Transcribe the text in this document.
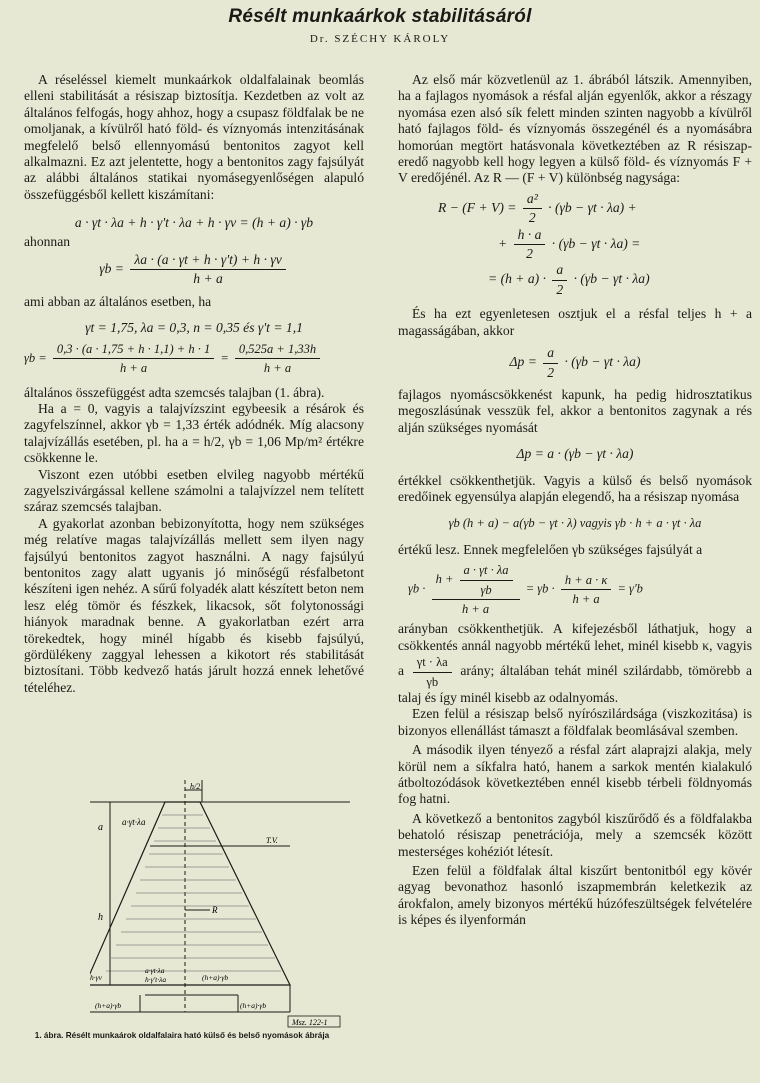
Résélt munkaárkok stabilitásáról
Dr. SZÉCHY KÁROLY

A réseléssel kiemelt munkaárkok oldalfalainak beomlás elleni stabilitását a résiszap biztosítja. Kezdetben az volt az általános felfogás, hogy ahhoz, hogy a csupasz földfalak be ne omoljanak, a kívülről ható föld- és víznyomás intenzitásának megfelelő belső ellennyomású bentonitos zagyot kell alkalmazni. Ez azt jelentette, hogy a bentonitos zagy fajsúlyát az alábbi általános statikai nyomásegyenlőségen alapuló összefüggésből kellett kiszámítani:

a · γt · λa + h · γ't · λa + h · γv = (h + a) · γb

ahonnan

$\gamma b = \frac{\lambda a \cdot (a \cdot \gamma t + h \cdot \gamma't) + h \cdot \gamma v}{h + a}$

ami abban az általános esetben, ha

γt = 1,75, λa = 0,3, n = 0,35 és γ't = 1,1
$\gamma b = \frac{0,3 \cdot (a \cdot 1,75 + h \cdot 1,1) + h \cdot 1}{h + a} = \frac{0,525a + 1,33h}{h + a}$

általános összefüggést adta szemcsés talajban (1. ábra).

Ha a = 0, vagyis a talajvízszint egybeesik a résárok és zagyfelszínnel, akkor γb = 1,33 érték adódnék. Míg alacsony talajvízállás esetében, pl. ha a = h/2, γb = 1,06 Mp/m² értékre csökkenne le.

Viszont ezen utóbbi esetben elvileg nagyobb mértékű zagyelszivárgással kellene számolni a talajvízzel nem telített száraz szemcsés talajban.

A gyakorlat azonban bebizonyította, hogy nem szükséges még relatíve magas talajvízállás mellett sem ilyen nagy fajsúlyú bentonitos zagyot használni. A nagy fajsúlyú bentonitos zagy alatt ugyanis jó minőségű résfalbetont készíteni igen nehéz. A sűrű folyadék alatt készített beton nem lesz elég tömör és fészkek, likacsok, sőt folytonossági hiányok maradnak benne. A gyakorlatban ezért arra törekedtek, hogy minél hígabb és kisebb fajsúlyú, gördülékeny zaggyal lehessen a kikotort rés stabilitását biztosítani. Több kedvező hatás járult hozzá ennek lehetővé tételéhez.

h/2
a
h
a·γt·λa
T.V.
R
h·γv
a·γt·λa
h·γ't·λa	(h+a)·γb
(h+a)·γb	(h+a)·γb
Msz. 122-1
1. ábra. Résélt munkaárok oldalfalaira ható külső és belső nyomások ábrája

Az első már közvetlenül az 1. ábrából látszik. Amennyiben, ha a fajlagos nyomások a résfal alján egyenlők, akkor a részagy nyomása ezen alsó sík felett minden szinten nagyobb a kívülről ható fajlagos föld- és víznyomás összegénél és a nyomásábra homorúan megtört hatásvonala következtében az R résiszap-eredő nagyobb kell hogy legyen a külső föld- és víznyomás F + V eredőjénél. Az R — (F + V) különbség nagysága:

$R - (F + V) = \frac{\text{a²}}{2} \cdot (\gamma b - \gamma t \cdot \lambda a)$ +
+ $\frac{h \cdot a}{2} \cdot (\gamma b - \gamma t \cdot \lambda a)$ =
= $(h + a) \cdot \frac{a}{2} \cdot (\gamma b - \gamma t \cdot \lambda a)$

És ha ezt egyenletesen osztjuk el a résfal teljes h + a magasságában, akkor

$\Delta p = \frac{a}{2} \cdot (\gamma b - \gamma t \cdot \lambda a)$

fajlagos nyomáscsökkenést kapunk, ha pedig hidrosztatikus megoszlásúnak vesszük fel, akkor a bentonitos zagynak a rés alján szükséges nyomását

Δp = a · (γb − γt · λa)

értékkel csökkenthetjük. Vagyis a külső és belső nyomások eredőinek egyensúlya alapján elegendő, ha a résiszap nyomása

γb (h + a) − a(γb − γt · λ) vagyis γb · h + a · γt · λa

értékű lesz. Ennek megfelelően γb szükséges fajsúlyát a

$\gamma b \cdot \frac{h + \frac{a \cdot \gamma t \cdot \lambda a}{\gamma b}}{h + a} = \gamma b \cdot \frac{h + a \cdot \kappa}{h + a} = \gamma'b$

arányban csökkenthetjük. A kifejezésből láthatjuk, hogy a csökkentés annál nagyobb mértékű lehet, minél kisebb κ, vagyis a $\frac{\gamma t \cdot \lambda a}{\gamma b}$ arány; általában tehát minél szilárdabb, tömörebb a talaj és így minél kisebb az odalnyomás.

Ezen felül a résiszap belső nyírószilárdsága (viszkozitása) is bizonyos ellenállást támaszt a földfalak beomlásával szemben.

A második ilyen tényező a résfal zárt alaprajzi alakja, mely körül nem a síkfalra ható, hanem a sarkok mentén kialakuló átboltozódások következtében ennél kisebb térbeli földnyomás fog hatni.

A következő a bentonitos zagyból kiszűrődő és a földfalakba behatoló résiszap penetrációja, mely a szemcsék között mesterséges kohéziót létesít.

Ezen felül a földfalak által kiszűrt bentonitból egy kövér agyag bevonathoz hasonló iszapmembrán keletkezik az árokfalon, amely bizonyos mértékű húzófeszültségek felvételére is képes és ilyenformán
